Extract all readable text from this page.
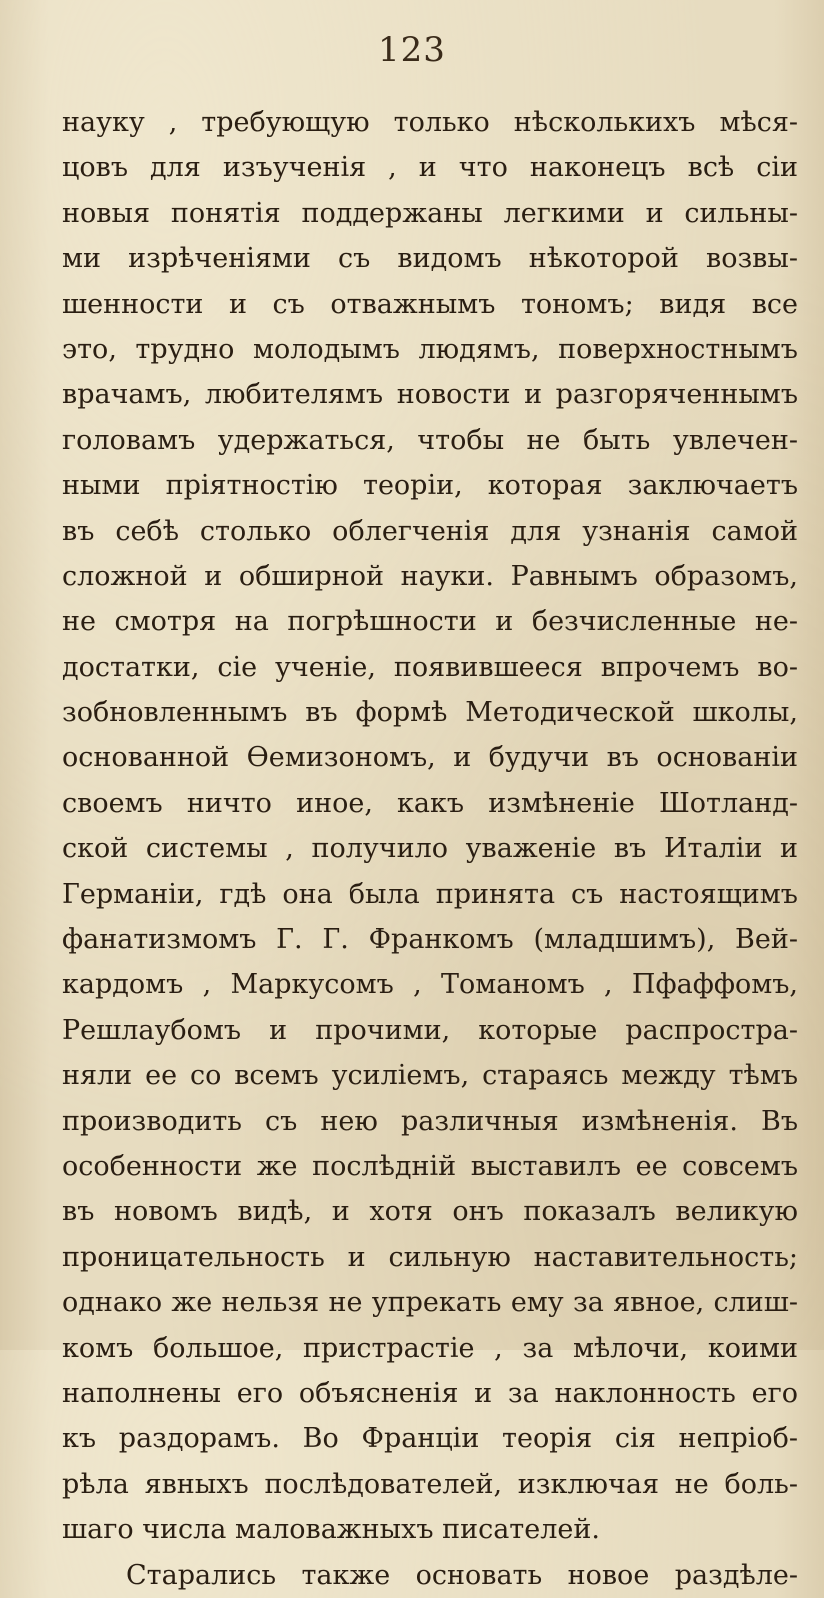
123
науку , требующую только нѣсколькихъ мѣся-
цовъ для изъученія , и что наконецъ всѣ сіи
новыя понятія поддержаны легкими и сильны-
ми изрѣченіями съ видомъ нѣкоторой возвы-
шенности и съ отважнымъ тономъ; видя все
это, трудно молодымъ людямъ, поверхностнымъ
врачамъ, любителямъ новости и разгоряченнымъ
головамъ удержаться, чтобы не быть увлечен-
ными пріятностію теоріи, которая заключаетъ
въ себѣ столько облегченія для узнанія самой
сложной и обширной науки. Равнымъ образомъ,
не смотря на погрѣшности и безчисленные не-
достатки, сіе ученіе, появившееся впрочемъ во-
зобновленнымъ въ формѣ Методической школы,
основанной Ѳемизономъ, и будучи въ основаніи
своемъ ничто иное, какъ измѣненіе Шотланд-
ской системы , получило уваженіе въ Италіи и
Германіи, гдѣ она была принята съ настоящимъ
фанатизмомъ Г. Г. Франкомъ (младшимъ), Вей-
кардомъ , Маркусомъ , Томаномъ , Пфаффомъ,
Решлаубомъ и прочими, которые распростра-
няли ее со всемъ усиліемъ, стараясь между тѣмъ
производить съ нею различныя измѣненія. Въ
особенности же послѣдній выставилъ ее совсемъ
въ новомъ видѣ, и хотя онъ показалъ великую
проницательность и сильную наставительность;
однако же нельзя не упрекать ему за явное, слиш-
комъ большое, пристрастіе , за мѣлочи, коими
наполнены его объясненія и за наклонность его
къ раздорамъ. Во Франціи теорія сія непріоб-
рѣла явныхъ послѣдователей, изключая не боль-
шаго числа маловажныхъ писателей.
Старались также основать новое раздѣле-
